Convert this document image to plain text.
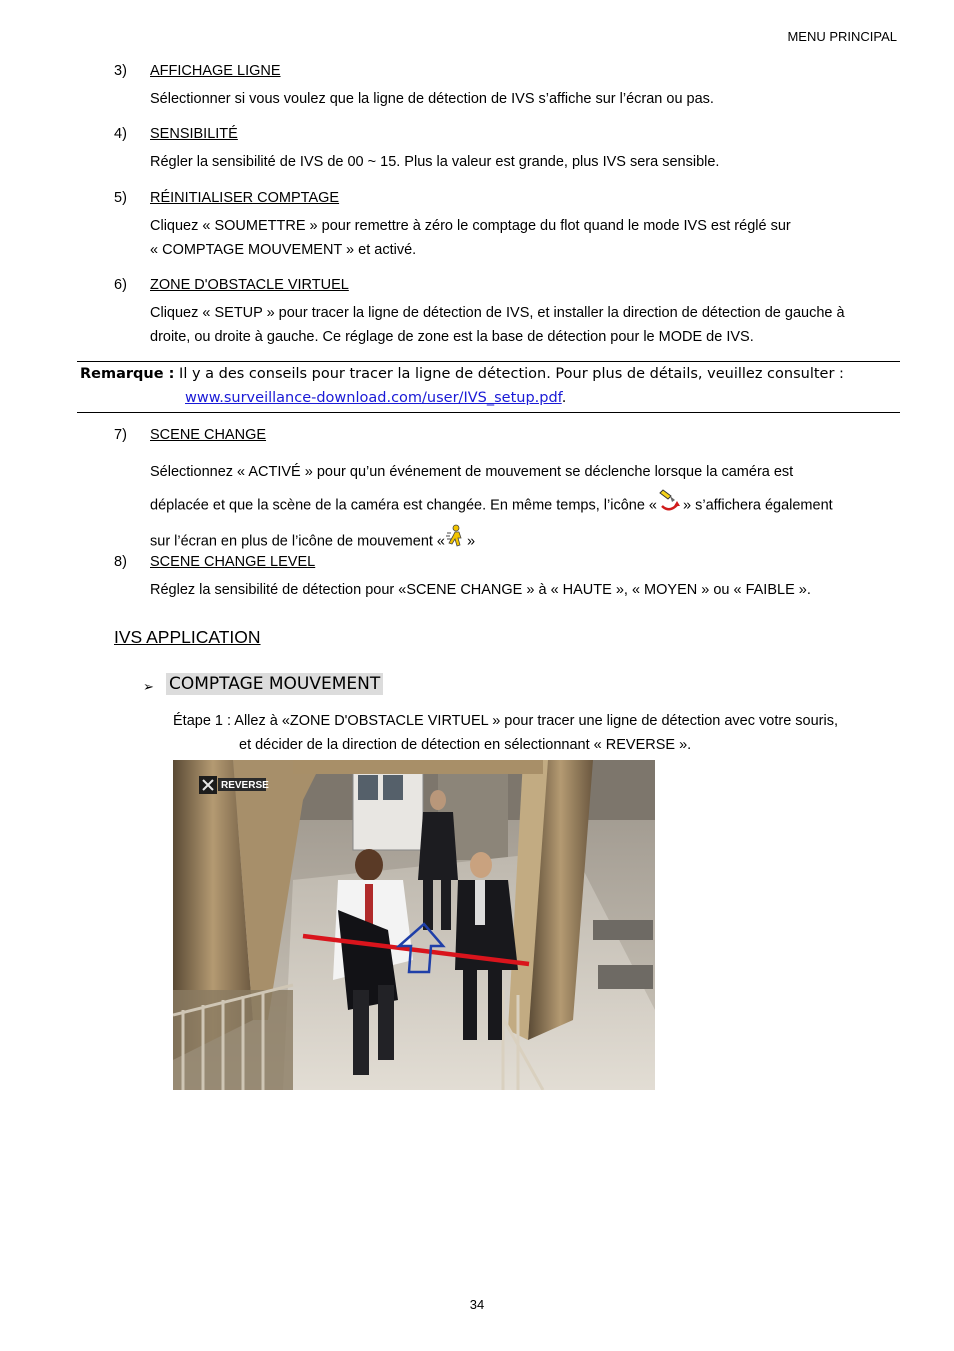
MENU PRINCIPAL
3) AFFICHAGE LIGNE
Sélectionner si vous voulez que la ligne de détection de IVS s’affiche sur l’écran ou pas.
4) SENSIBILITÉ
Régler la sensibilité de IVS de 00 ~ 15. Plus la valeur est grande, plus IVS sera sensible.
5) RÉINITIALISER COMPTAGE
Cliquez « SOUMETTRE » pour remettre à zéro le comptage du flot quand le mode IVS est réglé sur
« COMPTAGE MOUVEMENT » et activé.
6) ZONE D'OBSTACLE VIRTUEL
Cliquez « SETUP » pour tracer la ligne de détection de IVS, et installer la direction de détection de gauche à
droite, ou droite à gauche. Ce réglage de zone est la base de détection pour le MODE de IVS.
Remarque : Il y a des conseils pour tracer la ligne de détection. Pour plus de détails, veuillez consulter :
www.surveillance-download.com/user/IVS_setup.pdf.
7) SCENE CHANGE
Sélectionnez « ACTIVÉ » pour qu’un événement de mouvement se déclenche lorsque la caméra est
déplacée et que la scène de la caméra est changée. En même temps, l’icône « » s’affichera également
sur l’écran en plus de l’icône de mouvement « »
8) SCENE CHANGE LEVEL
Réglez la sensibilité de détection pour «SCENE CHANGE » à « HAUTE », « MOYEN » ou « FAIBLE ».
IVS APPLICATION
➢ COMPTAGE MOUVEMENT
Étape 1 : Allez à «ZONE D'OBSTACLE VIRTUEL » pour tracer une ligne de détection avec votre souris,
et décider de la direction de détection en sélectionnant « REVERSE ».
REVERSE
34
